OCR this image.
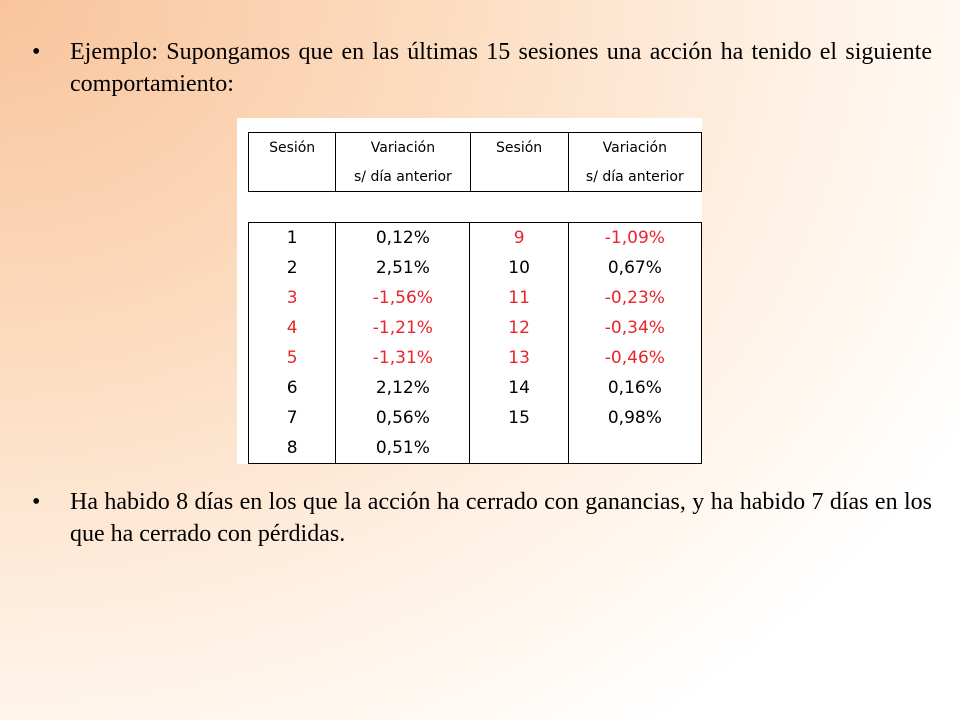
• Ejemplo: Supongamos que en las últimas 15 sesiones una acción ha tenido el siguiente comportamiento:
Sesión	Variación	Sesión	Variación
	s/ día anterior		s/ día anterior
1	0,12%	9	-1,09%
2	2,51%	10	0,67%
3	-1,56%	11	-0,23%
4	-1,21%	12	-0,34%
5	-1,31%	13	-0,46%
6	2,12%	14	0,16%
7	0,56%	15	0,98%
8	0,51%		
• Ha habido 8 días en los que la acción ha cerrado con ganancias, y ha habido 7 días en los que ha cerrado con pérdidas.
